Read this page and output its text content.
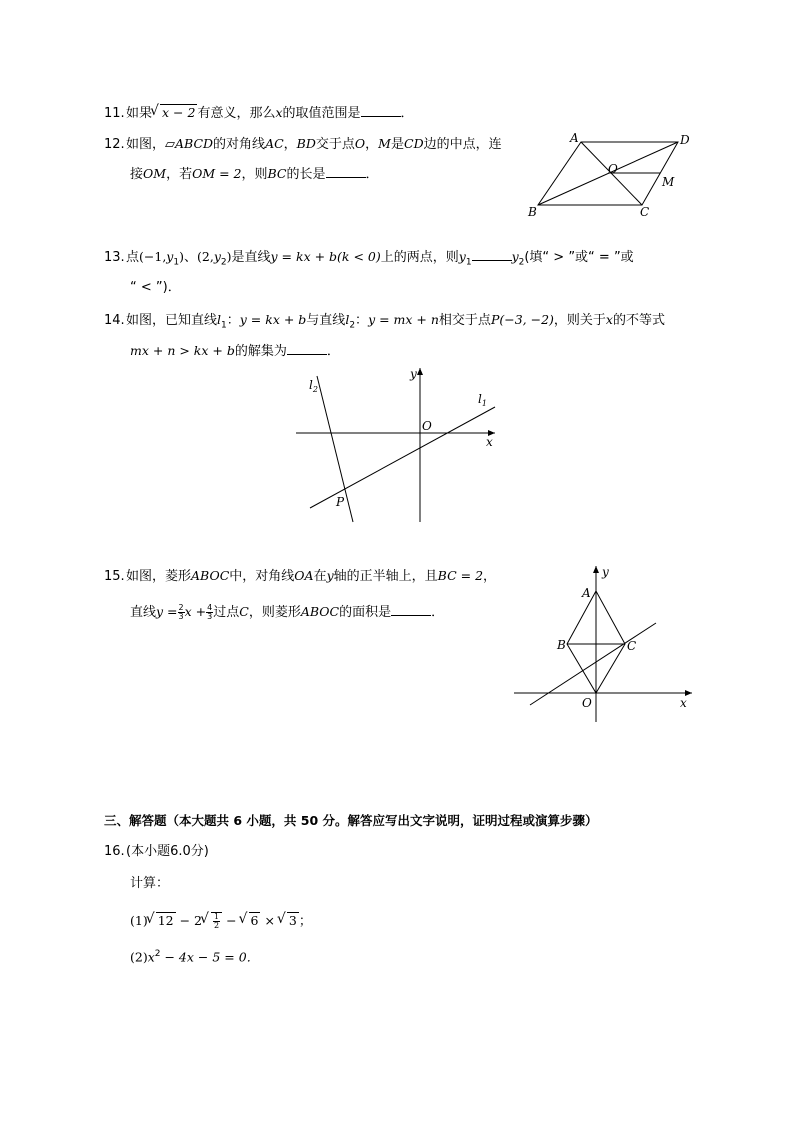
11.如果 √ x − 2 有意义，那么x的取值范围是	．
12.如图，▱ABCD的对角线AC，BD交于点O，M是CD边的中点，连
接OM，若OM = 2，则BC的长是	．
A	D
O
M
B	C
13.点$(-1,y_1)$、$(2,y_2)$是直线y = kx + b(k < 0)上的两点，则$y_1$	$y_2$(填“ > ”或“ = ”或
“ < ”)．
14.如图，已知直线$l_1$：y = kx + b与直线$l_2$：y = mx + n相交于点P(−3, −2)，则关于x的不等式
mx + n > kx + b的解集为	．
$l_2$
$l_1$
y
x
O
P
15.如图，菱形ABOC中，对角线OA在y轴的正半轴上，且BC = 2，
直线$y = \frac{2}{3}$ $x + \frac{4}{3}$ 过点C，则菱形ABOC的面积是	．
y
A
B	C
O	x
三、解答题（本大题共 6 小题，共 50 分。解答应写出文字说明，证明过程或演算步骤）
16.(本小题6.0分)
计算：
(1) √ 12 − 2 √ $\frac{1}{2}$ − √ 6 × √ 3 ；
$(2)x^2 - 4x - 5 = 0$．
